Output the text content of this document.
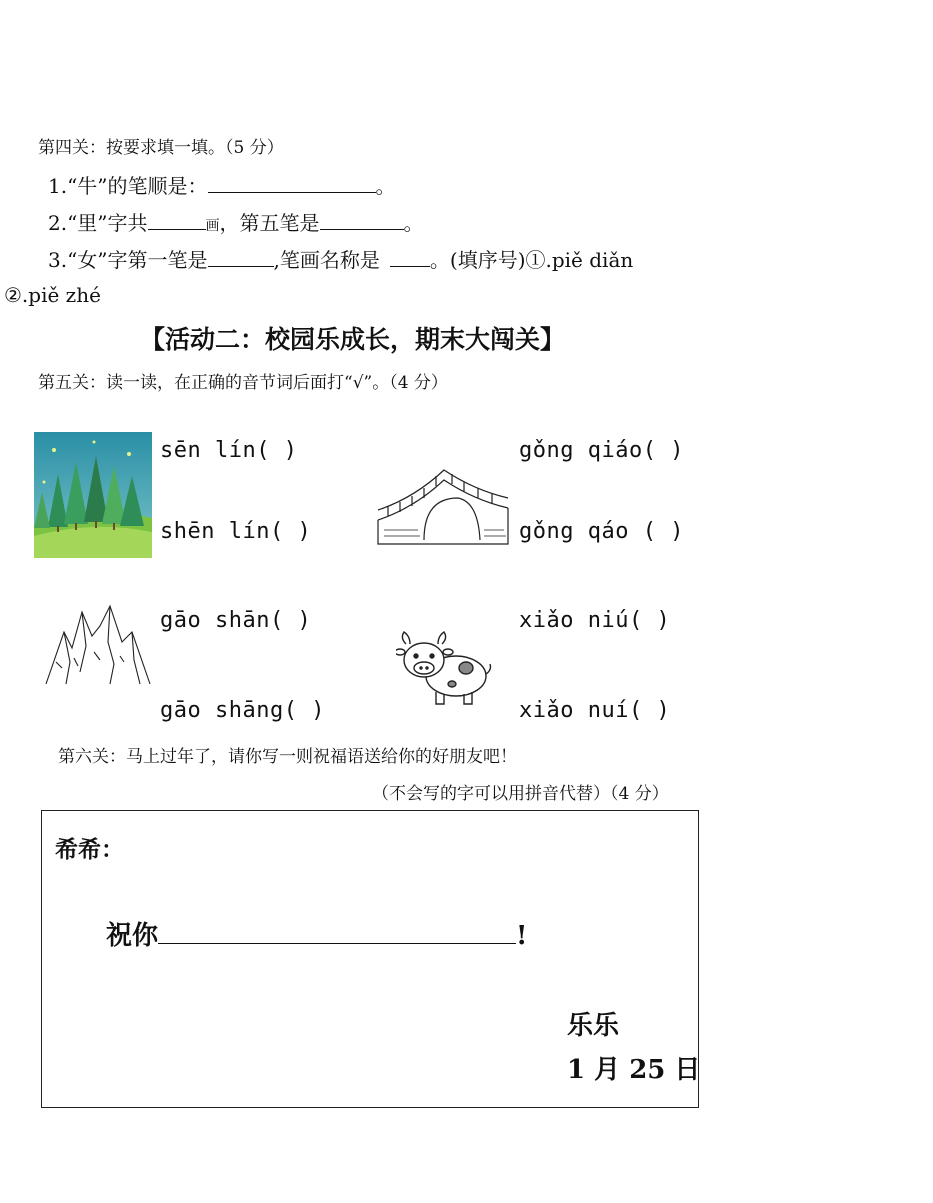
第四关：按要求填一填。（5 分）
1.“牛”的笔顺是：	。
2.“里”字共	画，第五笔是	。
3.“女”字第一笔是	,笔画名称是	。(填序号)①.piě diǎn
②.piě zhé
【活动二：校园乐成长，期末大闯关】
第五关：读一读，在正确的音节词后面打“√”。（4 分）
sēn lín( )
shēn lín( )
gǒng qiáo( )
gǒng qáo ( )
gāo shān( )
gāo shāng( )
xiǎo niú( )
xiǎo nuí( )
第六关：马上过年了，请你写一则祝福语送给你的好朋友吧！
（不会写的字可以用拼音代替）（4 分）
希希：
祝你	!
乐乐
1 月 25 日
